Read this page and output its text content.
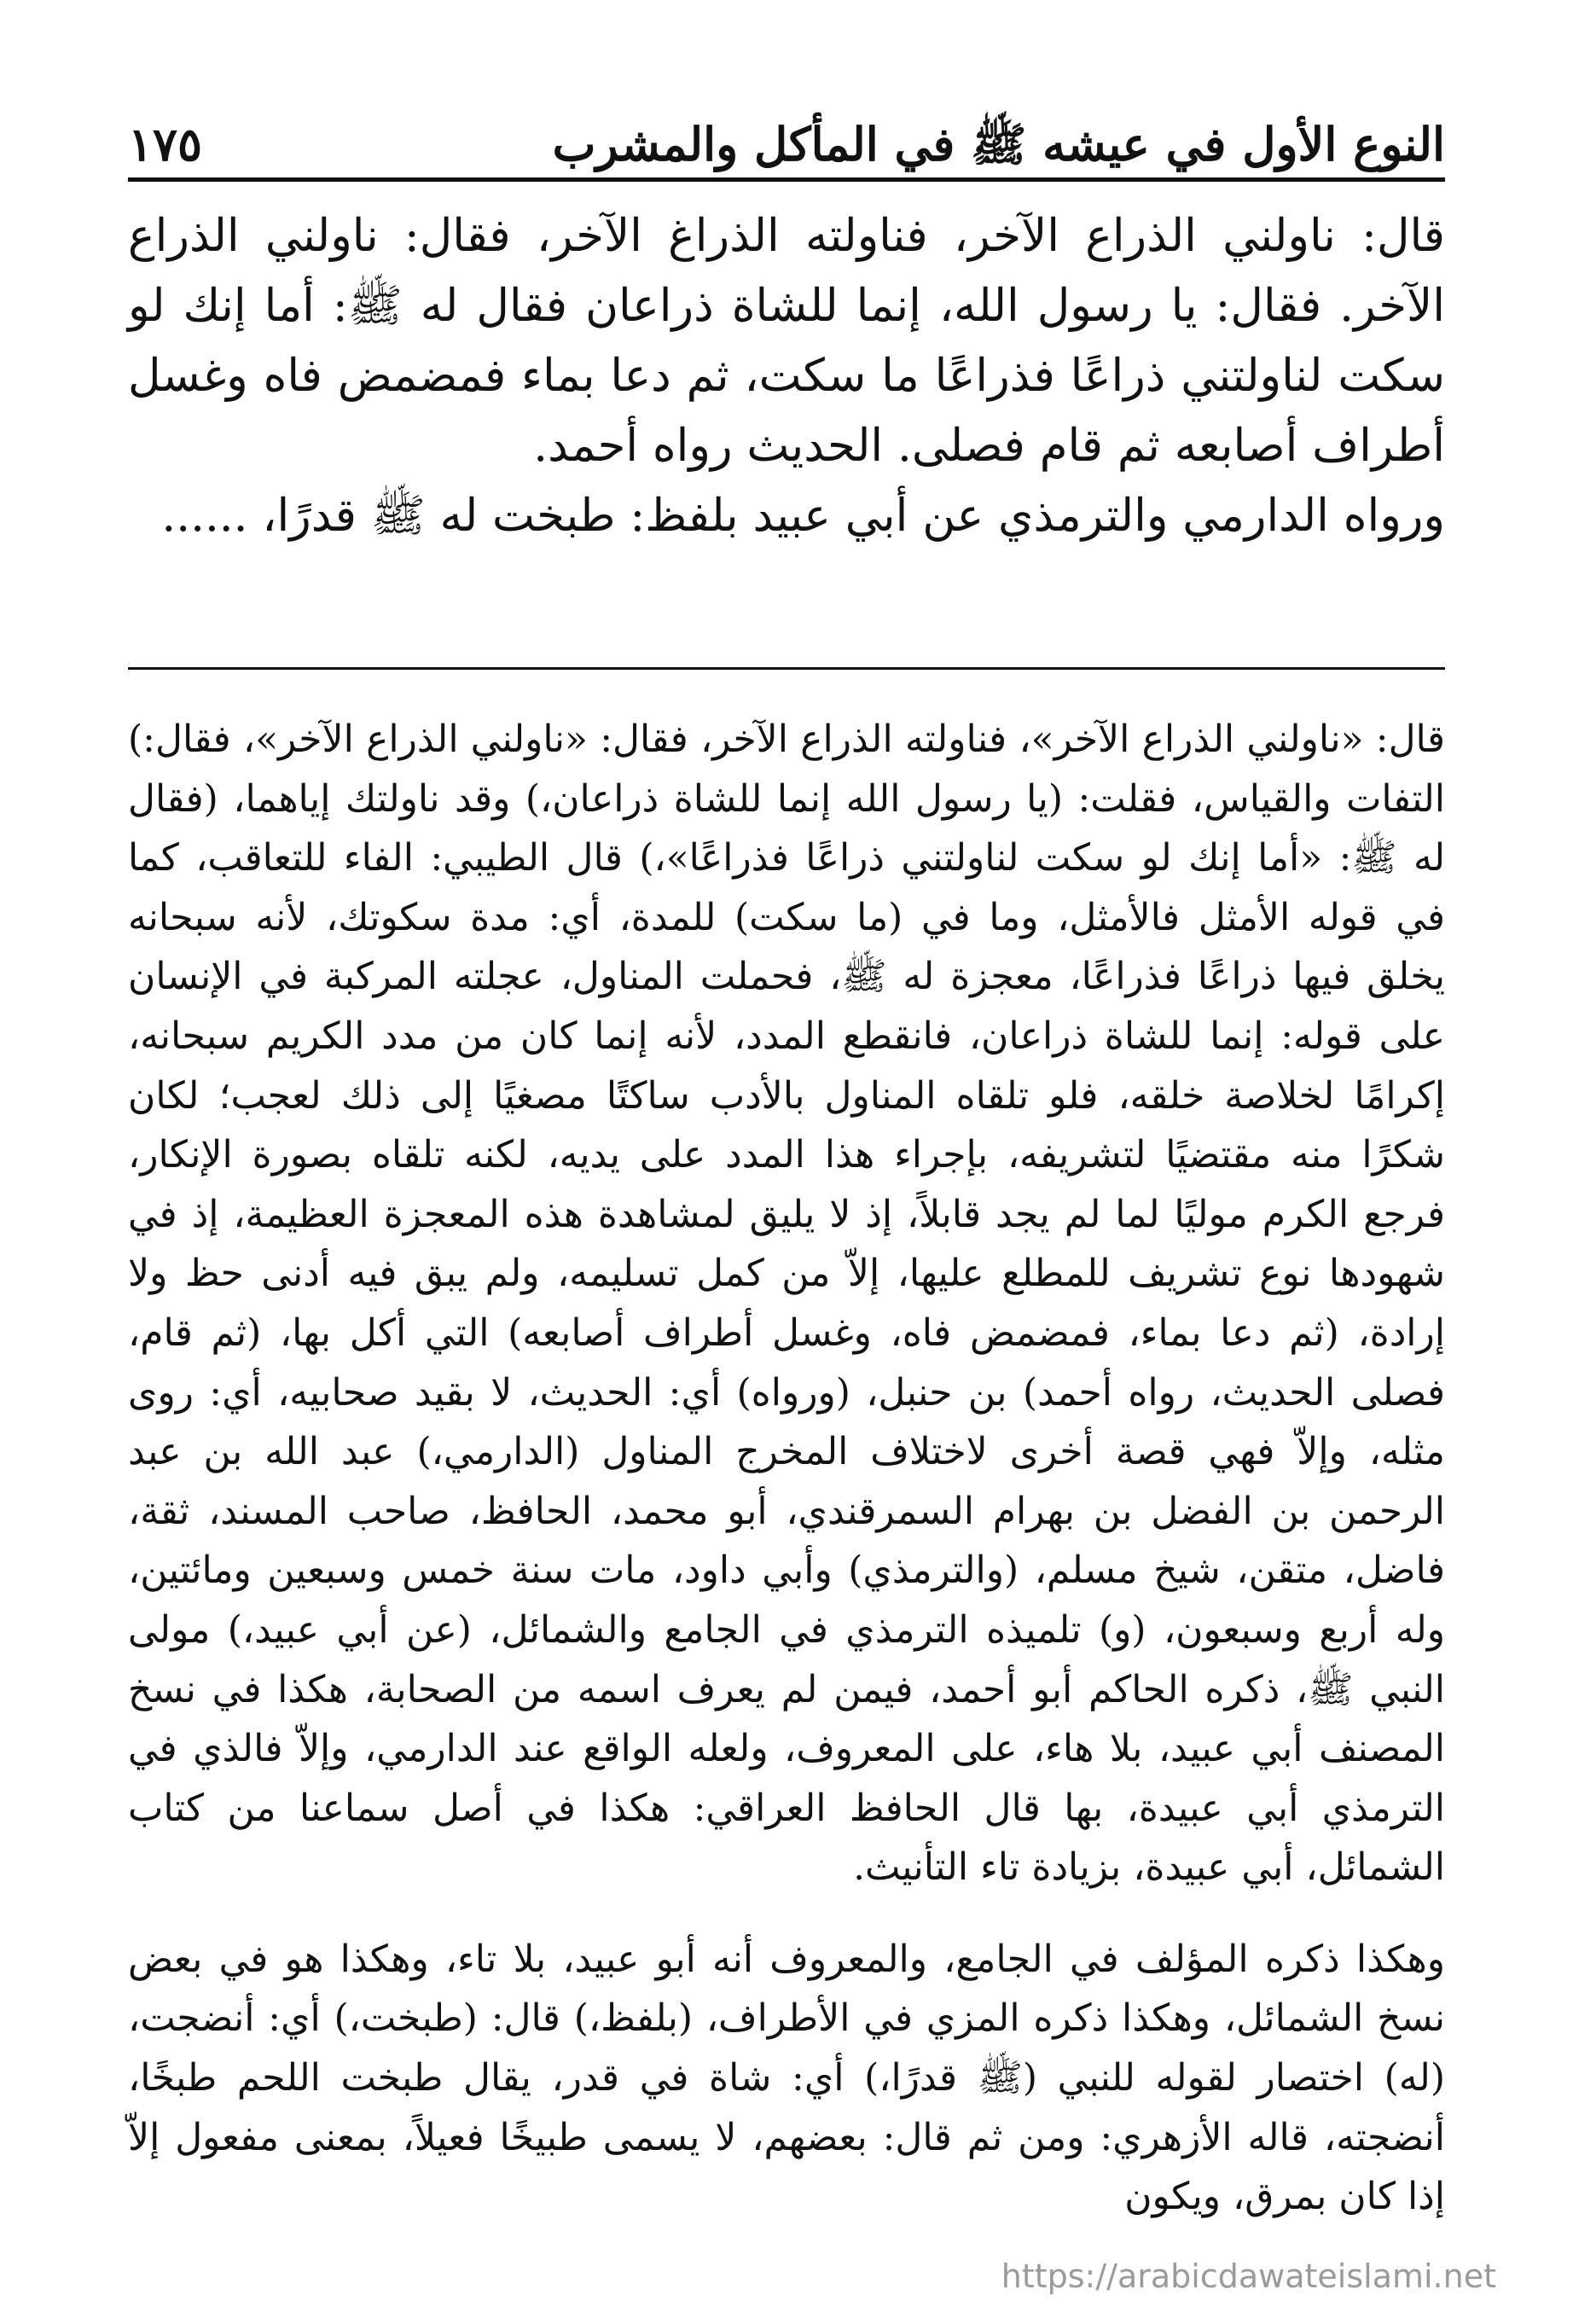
النوع الأول في عيشه ﷺ في المأكل والمشرب
١٧٥

قال: ناولني الذراع الآخر، فناولته الذراغ الآخر، فقال: ناولني الذراع الآخر. فقال: يا رسول الله، إنما للشاة ذراعان فقال له ﷺ: أما إنك لو سكت لناولتني ذراعًا فذراعًا ما سكت، ثم دعا بماء فمضمض فاه وغسل أطراف أصابعه ثم قام فصلى. الحديث رواه أحمد.

ورواه الدارمي والترمذي عن أبي عبيد بلفظ: طبخت له ﷺ قدرًا، ......

قال: «ناولني الذراع الآخر»، فناولته الذراع الآخر، فقال: «ناولني الذراع الآخر»، فقال:) التفات والقياس، فقلت: (يا رسول الله إنما للشاة ذراعان،) وقد ناولتك إياهما، (فقال له ﷺ: «أما إنك لو سكت لناولتني ذراعًا فذراعًا»،) قال الطيبي: الفاء للتعاقب، كما في قوله الأمثل فالأمثل، وما في (ما سكت) للمدة، أي: مدة سكوتك، لأنه سبحانه يخلق فيها ذراعًا فذراعًا، معجزة له ﷺ، فحملت المناول، عجلته المركبة في الإنسان على قوله: إنما للشاة ذراعان، فانقطع المدد، لأنه إنما كان من مدد الكريم سبحانه، إكرامًا لخلاصة خلقه، فلو تلقاه المناول بالأدب ساكتًا مصغيًا إلى ذلك لعجب؛ لكان شكرًا منه مقتضيًا لتشريفه، بإجراء هذا المدد على يديه، لكنه تلقاه بصورة الإنكار، فرجع الكرم موليًا لما لم يجد قابلاً، إذ لا يليق لمشاهدة هذه المعجزة العظيمة، إذ في شهودها نوع تشريف للمطلع عليها، إلاّ من كمل تسليمه، ولم يبق فيه أدنى حظ ولا إرادة، (ثم دعا بماء، فمضمض فاه، وغسل أطراف أصابعه) التي أكل بها، (ثم قام، فصلى الحديث، رواه أحمد) بن حنبل، (ورواه) أي: الحديث، لا بقيد صحابيه، أي: روى مثله، وإلاّ فهي قصة أخرى لاختلاف المخرج المناول (الدارمي،) عبد الله بن عبد الرحمن بن الفضل بن بهرام السمرقندي، أبو محمد، الحافظ، صاحب المسند، ثقة، فاضل، متقن، شيخ مسلم، (والترمذي) وأبي داود، مات سنة خمس وسبعين ومائتين، وله أربع وسبعون، (و) تلميذه الترمذي في الجامع والشمائل، (عن أبي عبيد،) مولى النبي ﷺ، ذكره الحاكم أبو أحمد، فيمن لم يعرف اسمه من الصحابة، هكذا في نسخ المصنف أبي عبيد، بلا هاء، على المعروف، ولعله الواقع عند الدارمي، وإلاّ فالذي في الترمذي أبي عبيدة، بها قال الحافظ العراقي: هكذا في أصل سماعنا من كتاب الشمائل، أبي عبيدة، بزيادة تاء التأنيث.

وهكذا ذكره المؤلف في الجامع، والمعروف أنه أبو عبيد، بلا تاء، وهكذا هو في بعض نسخ الشمائل، وهكذا ذكره المزي في الأطراف، (بلفظ،) قال: (طبخت،) أي: أنضجت، (له) اختصار لقوله للنبي (ﷺ قدرًا،) أي: شاة في قدر، يقال طبخت اللحم طبخًا، أنضجته، قاله الأزهري: ومن ثم قال: بعضهم، لا يسمى طبيخًا فعيلاً، بمعنى مفعول إلاّ إذا كان بمرق، ويكون

https://arabicdawateislami.net
